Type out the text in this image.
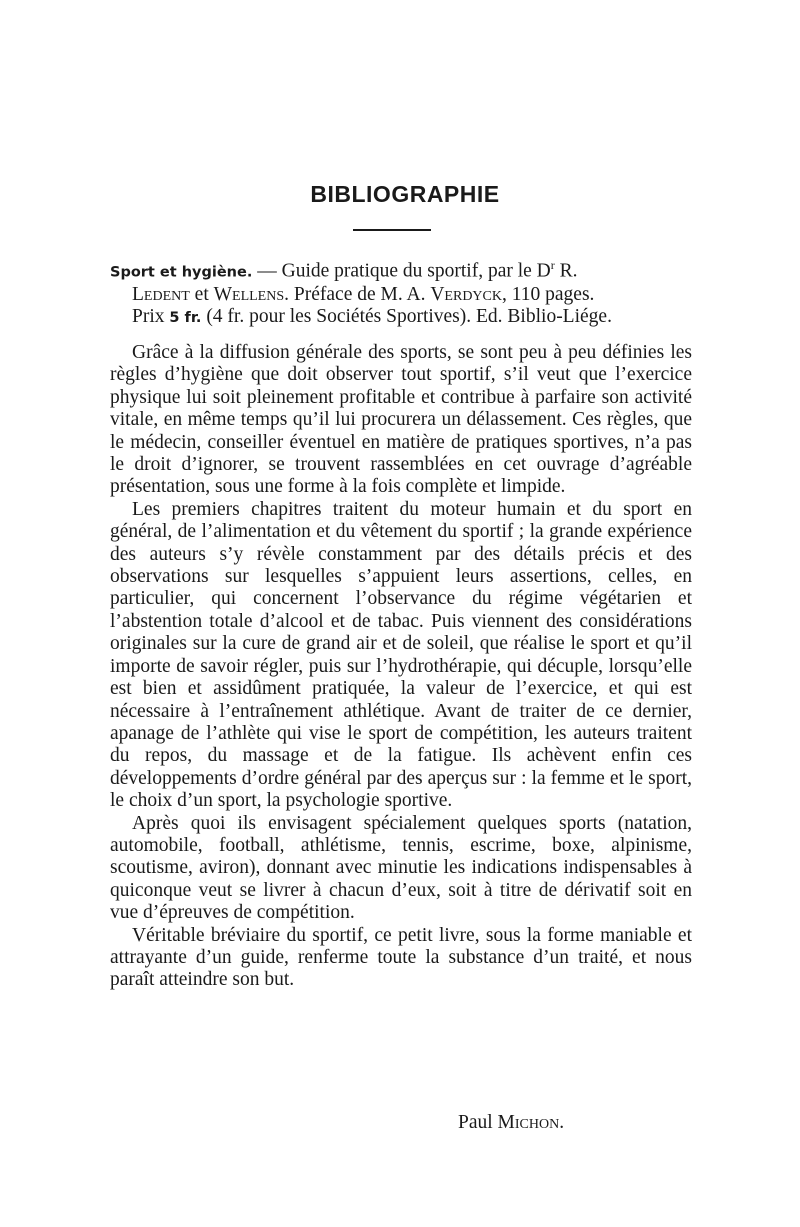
BIBLIOGRAPHIE
Sport et hygiène. — Guide pratique du sportif, par le $D^r$ R.
Ledent et Wellens. Préface de M. A. Verdyck, 110 pages.
Prix 5 fr. (4 fr. pour les Sociétés Sportives). Ed. Biblio-Liége.

Grâce à la diffusion générale des sports, se sont peu à peu définies les règles d’hygiène que doit observer tout sportif, s’il veut que l’exercice physique lui soit pleinement profitable et contribue à parfaire son activité vitale, en même temps qu’il lui procurera un délassement. Ces règles, que le médecin, conseiller éventuel en matière de pratiques sportives, n’a pas le droit d’ignorer, se trouvent rassemblées en cet ouvrage d’agréable présentation, sous une forme à la fois complète et limpide.

Les premiers chapitres traitent du moteur humain et du sport en général, de l’alimentation et du vêtement du sportif ; la grande expérience des auteurs s’y révèle constamment par des détails précis et des observations sur lesquelles s’appuient leurs assertions, celles, en particulier, qui concernent l’observance du régime végétarien et l’abstention totale d’alcool et de tabac. Puis viennent des considérations originales sur la cure de grand air et de soleil, que réalise le sport et qu’il importe de savoir régler, puis sur l’hydrothérapie, qui décuple, lorsqu’elle est bien et assidûment pratiquée, la valeur de l’exercice, et qui est nécessaire à l’entraînement athlétique. Avant de traiter de ce dernier, apanage de l’athlète qui vise le sport de compétition, les auteurs traitent du repos, du massage et de la fatigue. Ils achèvent enfin ces développements d’ordre général par des aperçus sur : la femme et le sport, le choix d’un sport, la psychologie sportive.

Après quoi ils envisagent spécialement quelques sports (natation, automobile, football, athlétisme, tennis, escrime, boxe, alpinisme, scoutisme, aviron), donnant avec minutie les indications indispensables à quiconque veut se livrer à chacun d’eux, soit à titre de dérivatif soit en vue d’épreuves de compétition.

Véritable bréviaire du sportif, ce petit livre, sous la forme maniable et attrayante d’un guide, renferme toute la substance d’un traité, et nous paraît atteindre son but.

Paul Michon.
